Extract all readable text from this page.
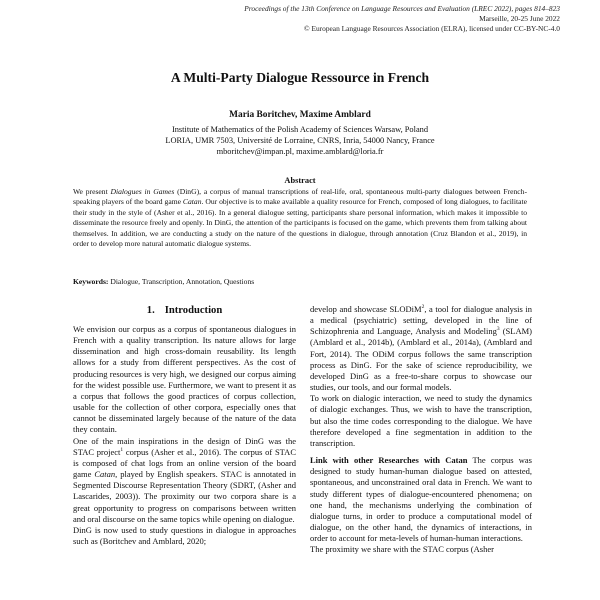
Proceedings of the 13th Conference on Language Resources and Evaluation (LREC 2022), pages 814–823
Marseille, 20-25 June 2022
© European Language Resources Association (ELRA), licensed under CC-BY-NC-4.0
A Multi-Party Dialogue Ressource in French
Maria Boritchev, Maxime Amblard
Institute of Mathematics of the Polish Academy of Sciences Warsaw, Poland
LORIA, UMR 7503, Université de Lorraine, CNRS, Inria, 54000 Nancy, France
mboritchev@impan.pl, maxime.amblard@loria.fr
Abstract
We present Dialogues in Games (DinG), a corpus of manual transcriptions of real-life, oral, spontaneous multi-party dialogues between French-speaking players of the board game Catan. Our objective is to make available a quality resource for French, composed of long dialogues, to facilitate their study in the style of (Asher et al., 2016). In a general dialogue setting, participants share personal information, which makes it impossible to disseminate the resource freely and openly. In DinG, the attention of the participants is focused on the game, which prevents them from talking about themselves. In addition, we are conducting a study on the nature of the questions in dialogue, through annotation (Cruz Blandon et al., 2019), in order to develop more natural automatic dialogue systems.
Keywords: Dialogue, Transcription, Annotation, Questions
1. Introduction

We envision our corpus as a corpus of spontaneous dialogues in French with a quality transcription. Its nature allows for large dissemination and high cross-domain reusability. Its length allows for a study from different perspectives. As the cost of producing resources is very high, we designed our corpus aiming for the widest possible use. Furthermore, we want to present it as a corpus that follows the good practices of corpus collection, usable for the collection of other corpora, especially ones that cannot be disseminated largely because of the nature of the data they contain.

One of the main inspirations in the design of DinG was the STAC project$^1$ corpus (Asher et al., 2016). The corpus of STAC is composed of chat logs from an online version of the board game Catan, played by English speakers. STAC is annotated in Segmented Discourse Representation Theory (SDRT, (Asher and Lascarides, 2003)). The proximity our two corpora share is a great opportunity to progress on comparisons between written and oral discourse on the same topics while opening on dialogue.

DinG is now used to study questions in dialogue in approaches such as (Boritchev and Amblard, 2020;

develop and showcase SLODiM$^2$, a tool for dialogue analysis in a medical (psychiatric) setting, developed in the line of Schizophrenia and Language, Analysis and Modeling$^3$ (SLAM) (Amblard et al., 2014b), (Amblard et al., 2014a), (Amblard and Fort, 2014). The ODiM corpus follows the same transcription process as DinG. For the sake of science reproducibility, we developed DinG as a free-to-share corpus to showcase our studies, our tools, and our formal models.

To work on dialogic interaction, we need to study the dynamics of dialogic exchanges. Thus, we wish to have the transcription, but also the time codes corresponding to the dialogue. We have therefore developed a fine segmentation in addition to the transcription.

Link with other Researches with Catan The corpus was designed to study human-human dialogue based on attested, spontaneous, and unconstrained oral data in French. We want to study different types of dialogue-encountered phenomena; on one hand, the mechanisms underlying the combination of dialogue turns, in order to produce a computational model of dialogue, on the other hand, the dynamics of interactions, in order to account for meta-levels of human-human interactions.

The proximity we share with the STAC corpus (Asher
